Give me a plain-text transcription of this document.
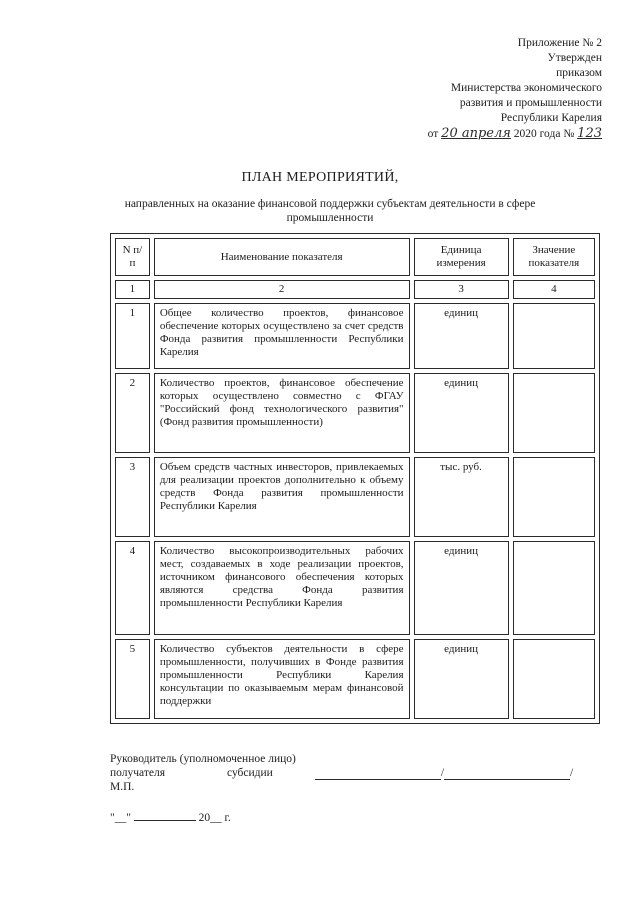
Приложение № 2
Утвержден
приказом
Министерства экономического
развития и промышленности
Республики Карелия
от 20 апреля 2020 года № 123
ПЛАН МЕРОПРИЯТИЙ,
направленных на оказание финансовой поддержки субъектам деятельности в сфере промышленности
N п/п	Наименование показателя	Единица измерения	Значение показателя
1	2	3	4
1	Общее количество проектов, финансовое обеспечение которых осуществлено за счет средств Фонда развития промышленности Республики Карелия	единиц	
2	Количество проектов, финансовое обеспечение которых осуществлено совместно с ФГАУ "Российский фонд технологического развития" (Фонд развития промышленности)	единиц	
3	Объем средств частных инвесторов, привлекаемых для реализации проектов дополнительно к объему средств Фонда развития промышленности Республики Карелия	тыс. руб.	
4	Количество высокопроизводительных рабочих мест, создаваемых в ходе реализации проектов, источником финансового обеспечения которых являются средства Фонда развития промышленности Республики Карелия	единиц	
5	Количество субъектов деятельности в сфере промышленности, получивших в Фонде развития промышленности Республики Карелия консультации по оказываемым мерам финансовой поддержки	единиц	
Руководитель (уполномоченное лицо)
получателя	субсидии	/	/
М.П.
"__"	20__ г.
